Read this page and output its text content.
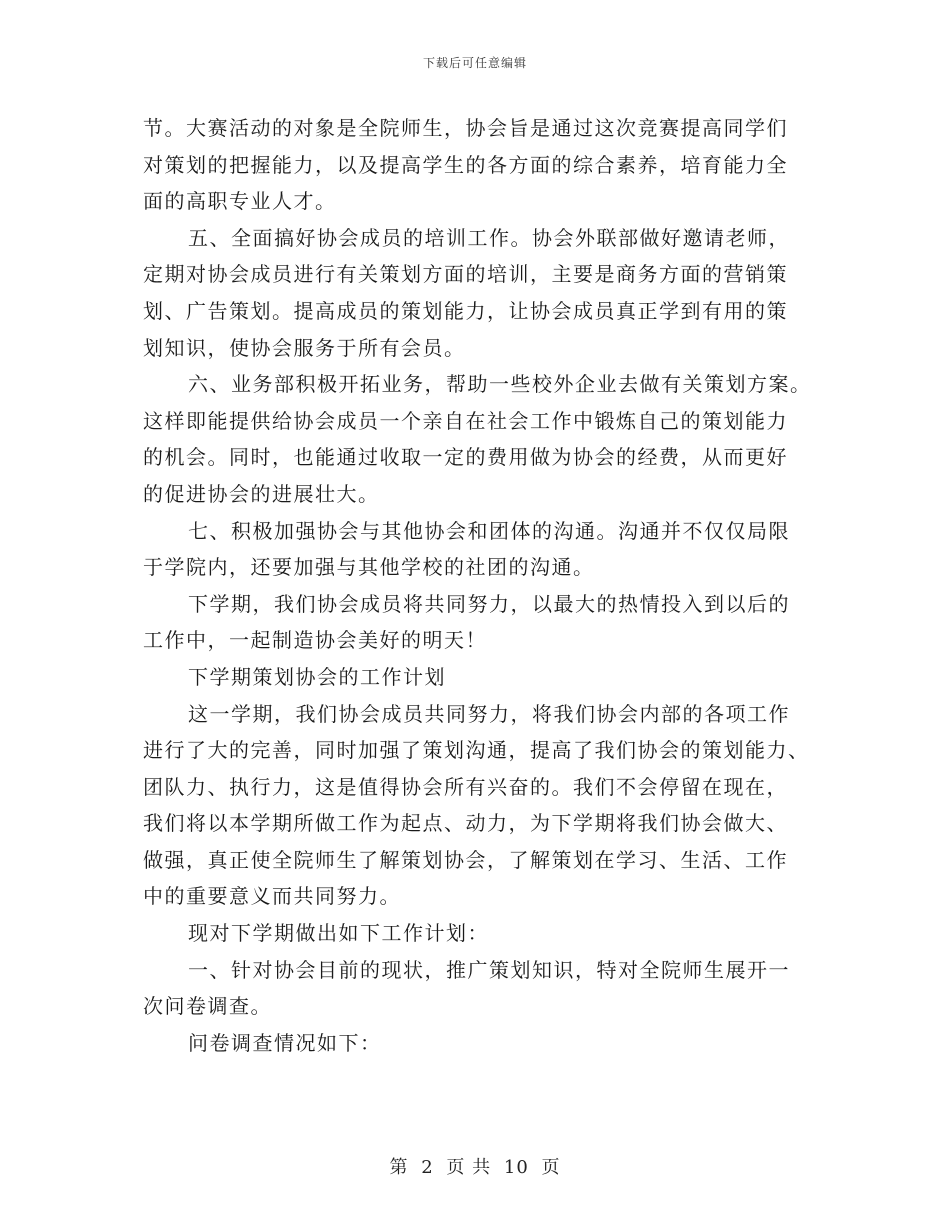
下载后可任意编辑
节。大赛活动的对象是全院师生，协会旨是通过这次竞赛提高同学们
对策划的把握能力，以及提高学生的各方面的综合素养，培育能力全
面的高职专业人才。
五、全面搞好协会成员的培训工作。协会外联部做好邀请老师，
定期对协会成员进行有关策划方面的培训，主要是商务方面的营销策
划、广告策划。提高成员的策划能力，让协会成员真正学到有用的策
划知识，使协会服务于所有会员。
六、业务部积极开拓业务，帮助一些校外企业去做有关策划方案。
这样即能提供给协会成员一个亲自在社会工作中锻炼自己的策划能力
的机会。同时，也能通过收取一定的费用做为协会的经费，从而更好
的促进协会的进展壮大。
七、积极加强协会与其他协会和团体的沟通。沟通并不仅仅局限
于学院内，还要加强与其他学校的社团的沟通。
下学期，我们协会成员将共同努力，以最大的热情投入到以后的
工作中，一起制造协会美好的明天！
下学期策划协会的工作计划
这一学期，我们协会成员共同努力，将我们协会内部的各项工作
进行了大的完善，同时加强了策划沟通，提高了我们协会的策划能力、
团队力、执行力，这是值得协会所有兴奋的。我们不会停留在现在，
我们将以本学期所做工作为起点、动力，为下学期将我们协会做大、
做强，真正使全院师生了解策划协会，了解策划在学习、生活、工作
中的重要意义而共同努力。
现对下学期做出如下工作计划：
一、针对协会目前的现状，推广策划知识，特对全院师生展开一
次问卷调查。
问卷调查情况如下：
第 2 页 共 10 页
